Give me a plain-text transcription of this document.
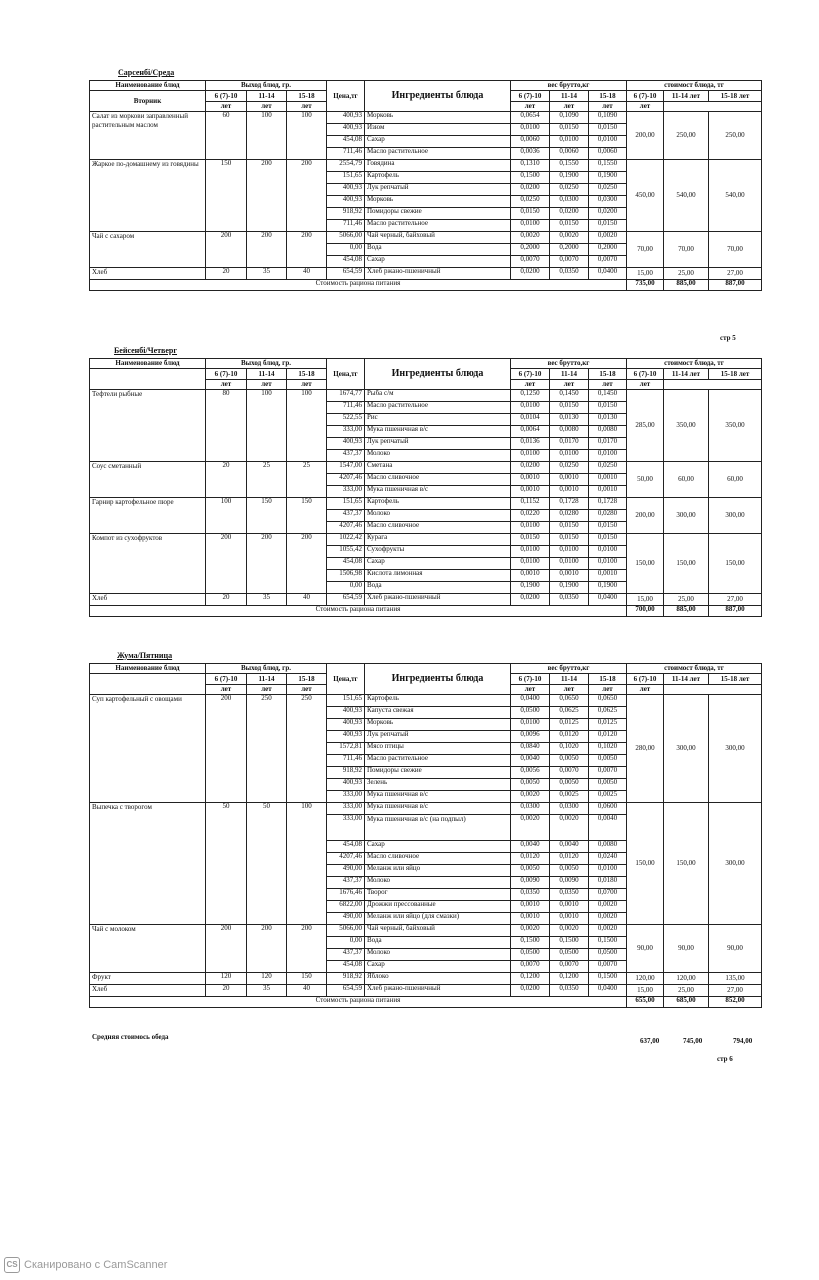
Сарсенбi/Среда
Наименование блюд	Выход блюд, гр.			Цена,тг	Ингредиенты блюда	вес брутто,кг			стоимост блюда, тг		
Вторник	6 (7)-10	11-14	15-18			6 (7)-10	11-14	15-18	6 (7)-10	11-14 лет	15-18 лет
	лет	лет	лет			лет	лет	лет	лет		
Салат из моркови заправленный растительным маслом	60	100	100	400,93	Морковь	0,0654	0,1090	0,1090	200,00	250,00	250,00
				400,93	Изюм	0,0100	0,0150	0,0150			
				454,08	Сахар	0,0060	0,0100	0,0100			
				711,46	Масло растительное	0,0036	0,0060	0,0060			
Жаркое по-домашнему из говядины	150	200	200	2554,79	Говядина	0,1310	0,1550	0,1550	450,00	540,00	540,00
				151,65	Картофель	0,1500	0,1900	0,1900			
				400,93	Лук репчатый	0,0200	0,0250	0,0250			
				400,93	Морковь	0,0250	0,0300	0,0300			
				918,92	Помидоры свежие	0,0150	0,0200	0,0200			
				711,46	Масло растительное	0,0100	0,0150	0,0150			
Чай с сахаром	200	200	200	5066,00	Чай черный, байховый	0,0020	0,0020	0,0020	70,00	70,00	70,00
				0,00	Вода	0,2000	0,2000	0,2000			
				454,08	Сахар	0,0070	0,0070	0,0070			
Хлеб	20	35	40	654,59	Хлеб ржано-пшеничный	0,0200	0,0350	0,0400	15,00	25,00	27,00
Стоимость рациона питания									735,00	885,00	887,00
стр 5
Бейсенбi/Четверг
Наименование блюд	Выход блюд, гр.			Цена,тг	Ингредиенты блюда	вес брутто,кг			стоимост блюда, тг		
	6 (7)-10	11-14	15-18			6 (7)-10	11-14	15-18	6 (7)-10	11-14 лет	15-18 лет
	лет	лет	лет			лет	лет	лет	лет		
Тефтели рыбные	80	100	100	1674,77	Рыба с/м	0,1250	0,1450	0,1450	285,00	350,00	350,00
				711,46	Масло растительное	0,0100	0,0150	0,0150			
				522,55	Рис	0,0104	0,0130	0,0130			
				333,00	Мука пшеничная в/с	0,0064	0,0080	0,0080			
				400,93	Лук репчатый	0,0136	0,0170	0,0170			
				437,37	Молоко	0,0100	0,0100	0,0100			
Соус сметанный	20	25	25	1547,00	Сметана	0,0200	0,0250	0,0250	50,00	60,00	60,00
				4207,46	Масло сливочное	0,0010	0,0010	0,0010			
				333,00	Мука пшеничная в/с	0,0010	0,0010	0,0010			
Гарнир картофельное пюре	100	150	150	151,65	Картофель	0,1152	0,1728	0,1728	200,00	300,00	300,00
				437,37	Молоко	0,0220	0,0280	0,0280			
				4207,46	Масло сливочное	0,0100	0,0150	0,0150			
Компот из сухофруктов	200	200	200	1022,42	Курага	0,0150	0,0150	0,0150	150,00	150,00	150,00
				1055,42	Сухофрукты	0,0100	0,0100	0,0100			
				454,08	Сахар	0,0100	0,0100	0,0100			
				1506,98	Кислота лимонная	0,0010	0,0010	0,0010			
				0,00	Вода	0,1900	0,1900	0,1900			
Хлеб	20	35	40	654,59	Хлеб ржано-пшеничный	0,0200	0,0350	0,0400	15,00	25,00	27,00
Стоимость рациона питания									700,00	885,00	887,00
Жума/Пятница
Наименование блюд	Выход блюд, гр.			Цена,тг	Ингредиенты блюда	вес брутто,кг			стоимост блюда, тг		
	6 (7)-10	11-14	15-18			6 (7)-10	11-14	15-18	6 (7)-10	11-14 лет	15-18 лет
	лет	лет	лет			лет	лет	лет	лет		
Суп картофельный с овощами	200	250	250	151,65	Картофель	0,0400	0,0650	0,0650	280,00	300,00	300,00
				400,93	Капуста свежая	0,0500	0,0625	0,0625			
				400,93	Морковь	0,0100	0,0125	0,0125			
				400,93	Лук репчатый	0,0096	0,0120	0,0120			
				1572,81	Мясо птицы	0,0840	0,1020	0,1020			
				711,46	Масло растительное	0,0040	0,0050	0,0050			
				918,92	Помидоры свежие	0,0056	0,0070	0,0070			
				400,93	Зелень	0,0050	0,0050	0,0050			
				333,00	Мука пшеничная в/с	0,0020	0,0025	0,0025			
Выпечка с творогом	50	50	100	333,00	Мука пшеничная в/с	0,0300	0,0300	0,0600	150,00	150,00	300,00
				333,00	Мука пшеничная в/с (на подпыл)	0,0020	0,0020	0,0040			
				454,08	Сахар	0,0040	0,0040	0,0080			
				4207,46	Масло сливочное	0,0120	0,0120	0,0240			
				490,00	Меланж или яйцо	0,0050	0,0050	0,0100			
				437,37	Молоко	0,0090	0,0090	0,0180			
				1676,46	Творог	0,0350	0,0350	0,0700			
				6822,00	Дрожжи прессованные	0,0010	0,0010	0,0020			
				490,00	Меланж или яйцо (для смазки)	0,0010	0,0010	0,0020			
Чай с молоком	200	200	200	5066,00	Чай черный, байховый	0,0020	0,0020	0,0020	90,00	90,00	90,00
				0,00	Вода	0,1500	0,1500	0,1500			
				437,37	Молоко	0,0500	0,0500	0,0500			
				454,08	Сахар	0,0070	0,0070	0,0070			
Фрукт	120	120	150	918,92	Яблоко	0,1200	0,1200	0,1500	120,00	120,00	135,00
Хлеб	20	35	40	654,59	Хлеб ржано-пшеничный	0,0200	0,0350	0,0400	15,00	25,00	27,00
Стоимость рациона питания									655,00	685,00	852,00
Средняя стоимось обеда	637,00	745,00	794,00
стр 6
CS Сканировано с CamScanner
